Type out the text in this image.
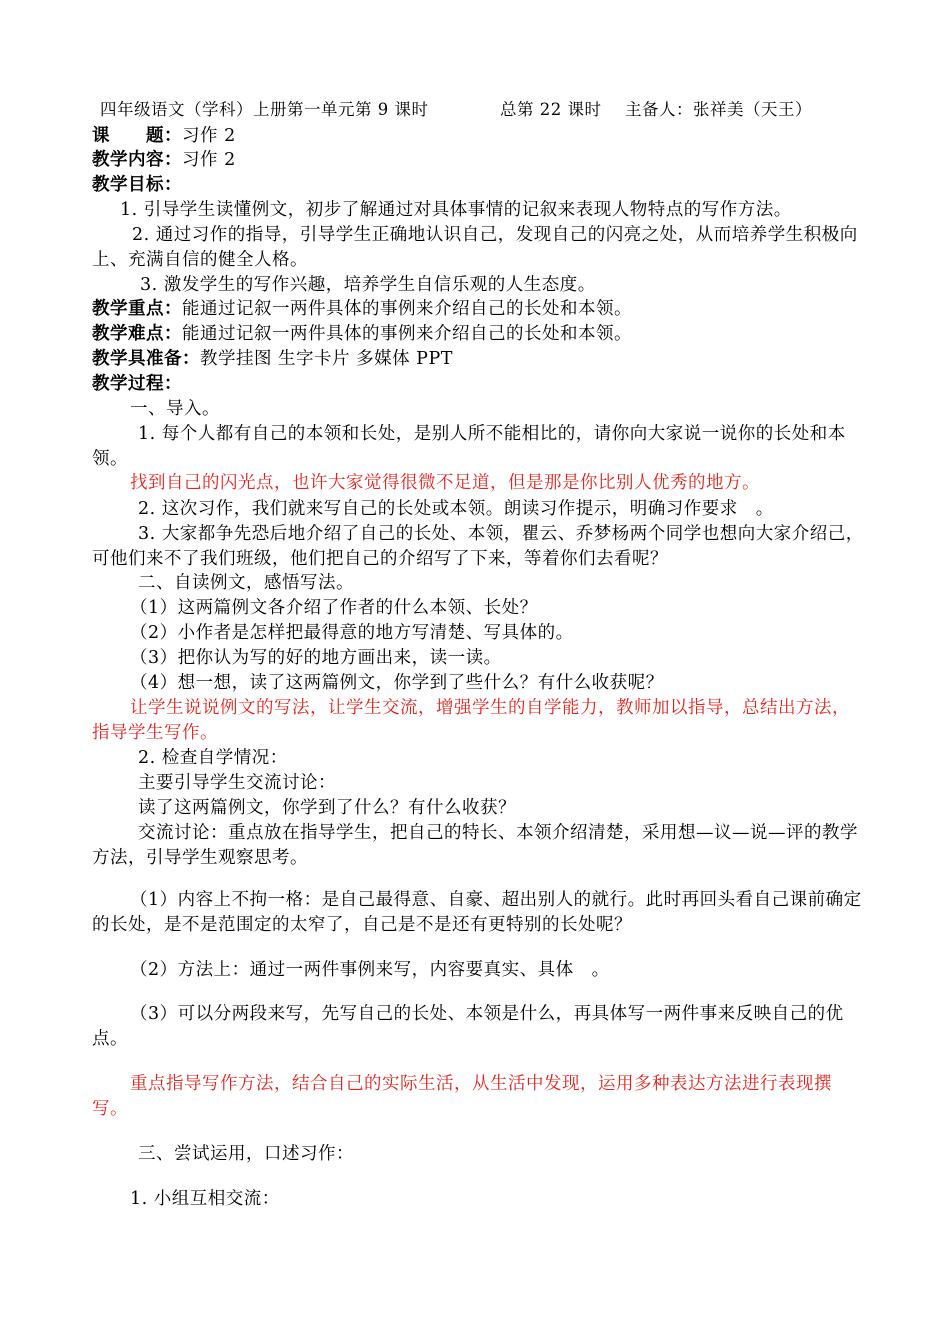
四年级语文（学科）上册第一单元第 9 课时	总第 22 课时 主备人：张祥美（天王）
课　　题：习作 2
教学内容：习作 2
教学目标：
1. 引导学生读懂例文，初步了解通过对具体事情的记叙来表现人物特点的写作方法。
2. 通过习作的指导，引导学生正确地认识自己，发现自己的闪亮之处，从而培养学生积极向上、充满自信的健全人格。
3. 激发学生的写作兴趣，培养学生自信乐观的人生态度。
教学重点：能通过记叙一两件具体的事例来介绍自己的长处和本领。
教学难点：能通过记叙一两件具体的事例来介绍自己的长处和本领。
教学具准备：教学挂图 生字卡片 多媒体 PPT
教学过程：
一、导入。
1. 每个人都有自己的本领和长处，是别人所不能相比的，请你向大家说一说你的长处和本领。
找到自己的闪光点，也许大家觉得很微不足道，但是那是你比别人优秀的地方。
2. 这次习作，我们就来写自己的长处或本领。朗读习作提示，明确习作要求　。
3. 大家都争先恐后地介绍了自己的长处、本领，瞿云、乔梦杨两个同学也想向大家介绍己，可他们来不了我们班级，他们把自己的介绍写了下来，等着你们去看呢？
二、自读例文，感悟写法。
（1）这两篇例文各介绍了作者的什么本领、长处？
（2）小作者是怎样把最得意的地方写清楚、写具体的。
（3）把你认为写的好的地方画出来，读一读。
（4）想一想，读了这两篇例文，你学到了些什么？有什么收获呢？
让学生说说例文的写法，让学生交流，增强学生的自学能力，教师加以指导，总结出方法，指导学生写作。
2. 检查自学情况：
主要引导学生交流讨论：
读了这两篇例文，你学到了什么？有什么收获？
交流讨论：重点放在指导学生，把自己的特长、本领介绍清楚，采用想—议—说—评的教学方法，引导学生观察思考。
（1）内容上不拘一格：是自己最得意、自豪、超出别人的就行。此时再回头看自己课前确定的长处，是不是范围定的太窄了，自己是不是还有更特别的长处呢？
（2）方法上：通过一两件事例来写，内容要真实、具体　。
（3）可以分两段来写，先写自己的长处、本领是什么，再具体写一两件事来反映自己的优点。
重点指导写作方法，结合自己的实际生活，从生活中发现，运用多种表达方法进行表现撰写。
三、尝试运用，口述习作：
1. 小组互相交流：
